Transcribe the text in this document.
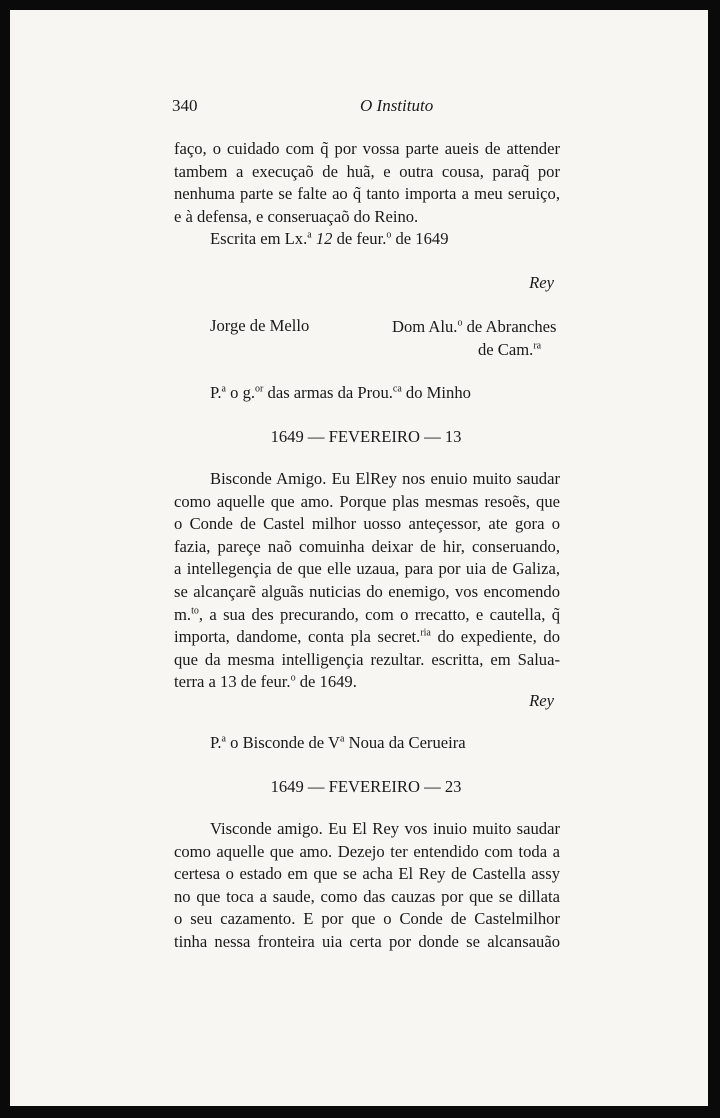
340	O Instituto
faço, o cuidado com q̃ por vossa parte aueis de attender
tambem a execuçaõ de huã, e outra cousa, paraq̃ por
nenhuma parte se falte ao q̃ tanto importa a meu seruiço,
e à defensa, e conseruaçaõ do Reino.
Escrita em Lx.$^a$ 12 de feur.$^o$ de 1649
Rey
Jorge de Mello	Dom Alu.$^o$ de Abranches
de Cam.$^{ra}$
P.$^a$ o g.$^{or}$ das armas da Prou.$^{ca}$ do Minho
1649 — FEVEREIRO — 13
Bisconde Amigo. Eu ElRey nos enuio muito saudar
como aquelle que amo. Porque plas mesmas resoẽs, que
o Conde de Castel milhor uosso anteçessor, ate gora o
fazia, pareçe naõ comuinha deixar de hir, conseruando,
a intellegençia de que elle uzaua, para por uia de Galiza,
se alcançarẽ alguãs nuticias do enemigo, vos encomendo
m.$^{to}$, a sua des precurando, com o rrecatto, e cautella, q̃
importa, dandome, conta pla secret.$^{ria}$ do expediente, do
que da mesma intelligençia rezultar. escritta, em Salua-
terra a 13 de feur.$^o$ de 1649.
Rey
P.$^a$ o Bisconde de $V^a$ Noua da Cerueira
1649 — FEVEREIRO — 23
Visconde amigo. Eu El Rey vos inuio muito saudar
como aquelle que amo. Dezejo ter entendido com toda a
certesa o estado em que se acha El Rey de Castella assy
no que toca a saude, como das cauzas por que se dillata
o seu cazamento. E por que o Conde de Castelmilhor
tinha nessa fronteira uia certa por donde se alcansauão
